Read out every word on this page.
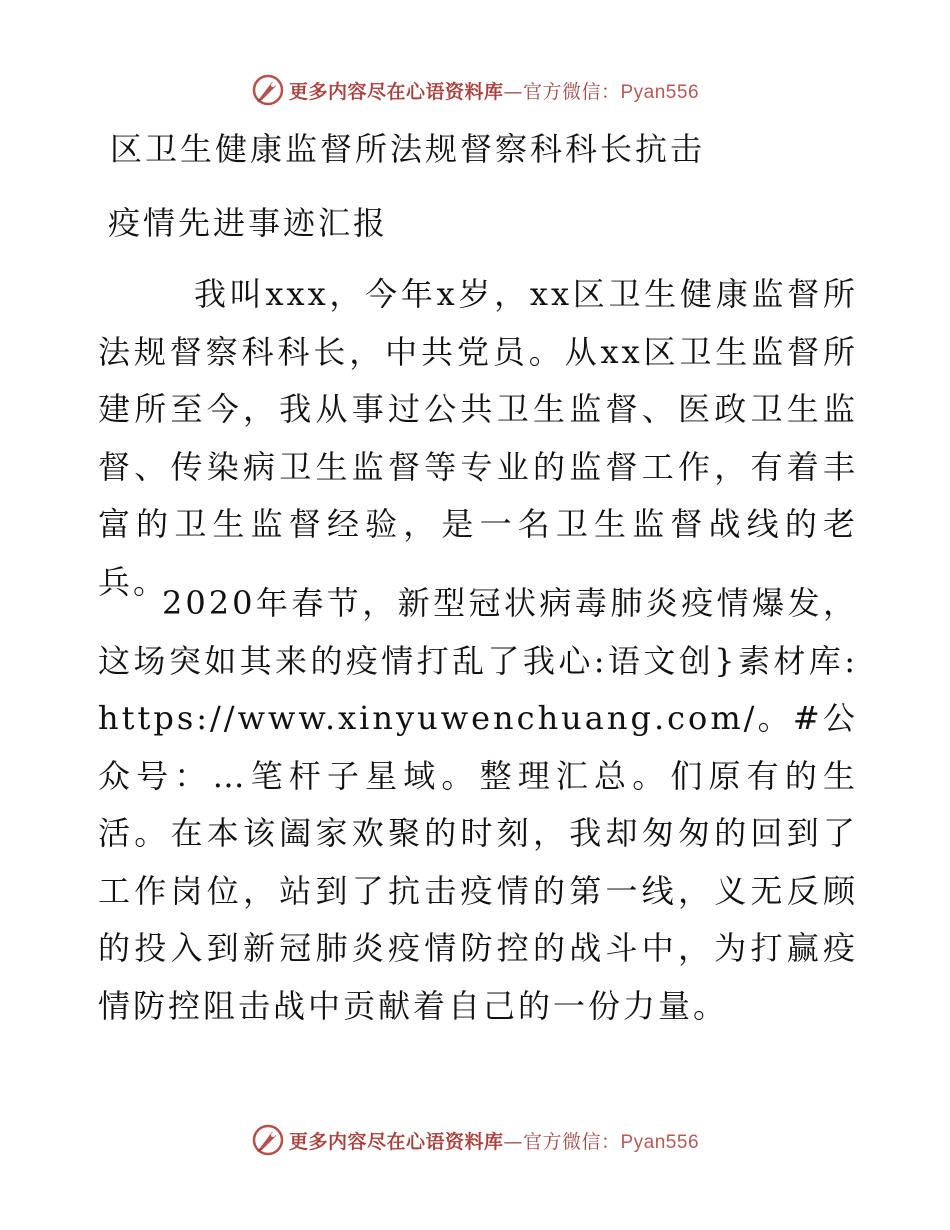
更多内容尽在心语资料库—官方微信：Pyan556
区卫生健康监督所法规督察科科长抗击
疫情先进事迹汇报

我叫xxx，今年x岁，xx区卫生健康监督所法规督察科科长，中共党员。从xx区卫生监督所建所至今，我从事过公共卫生监督、医政卫生监督、传染病卫生监督等专业的监督工作，有着丰富的卫生监督经验，是一名卫生监督战线的老兵。

2020年春节，新型冠状病毒肺炎疫情爆发，这场突如其来的疫情打乱了我心:语文创}素材库:https://www.xinyuwenchuang.com/。#公众号：…笔杆子星域。整理汇总。们原有的生活。在本该阖家欢聚的时刻，我却匆匆的回到了工作岗位，站到了抗击疫情的第一线，义无反顾的投入到新冠肺炎疫情防控的战斗中，为打赢疫情防控阻击战中贡献着自己的一份力量。

更多内容尽在心语资料库—官方微信：Pyan556
